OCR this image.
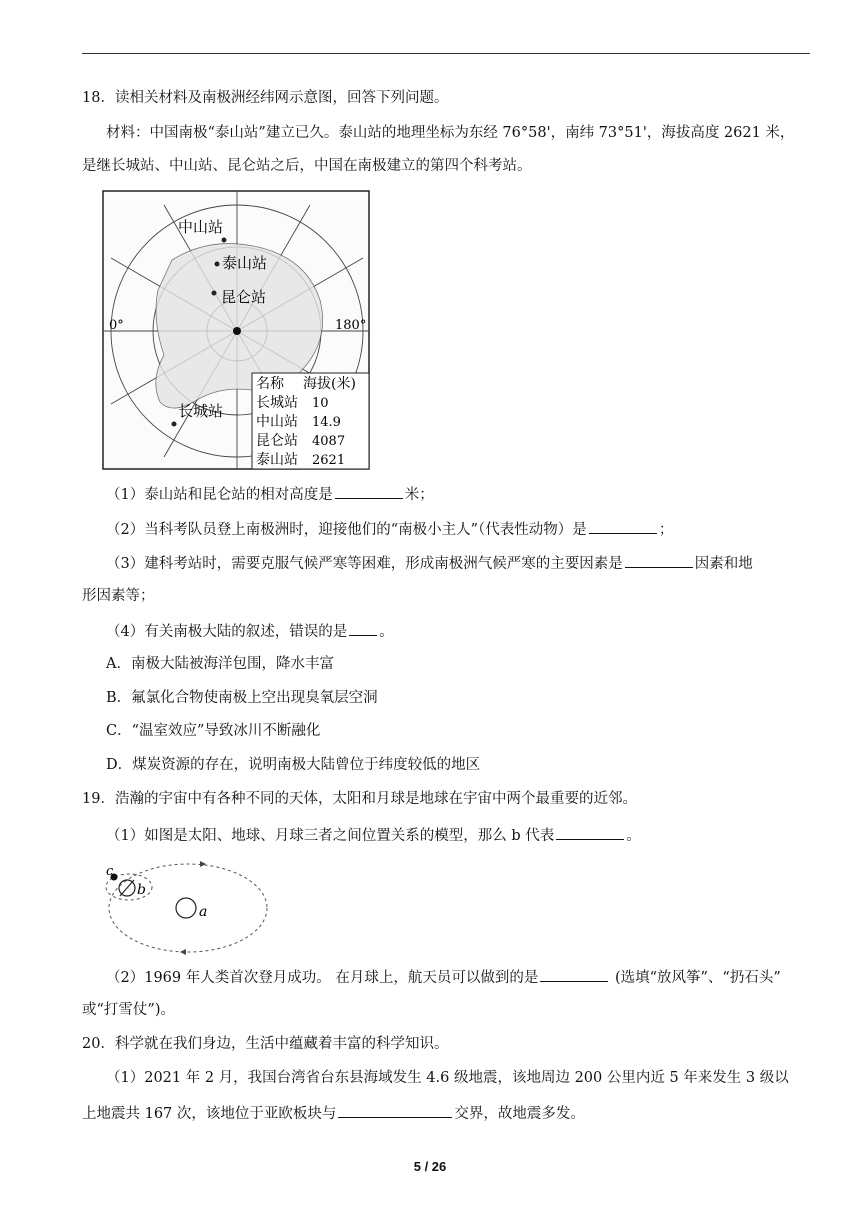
18．读相关材料及南极洲经纬网示意图，回答下列问题。
材料：中国南极“泰山站”建立已久。泰山站的地理坐标为东经 76°58'，南纬 73°51'，海拔高度 2621 米，
是继长城站、中山站、昆仑站之后，中国在南极建立的第四个科考站。
中山站
泰山站
昆仑站
长城站
0°	180°
名称 海拔(米)
长城站 10
中山站 14.9
昆仑站 4087
泰山站 2621
（1）泰山站和昆仑站的相对高度是	米；
（2）当科考队员登上南极洲时，迎接他们的“南极小主人”（代表性动物）是	；
（3）建科考站时，需要克服气候严寒等困难，形成南极洲气候严寒的主要因素是	因素和地
形因素等；
（4）有关南极大陆的叙述，错误的是 。
A．南极大陆被海洋包围，降水丰富
B．氟氯化合物使南极上空出现臭氧层空洞
C．“温室效应”导致冰川不断融化
D．煤炭资源的存在，说明南极大陆曾位于纬度较低的地区
19．浩瀚的宇宙中有各种不同的天体，太阳和月球是地球在宇宙中两个最重要的近邻。
（1）如图是太阳、地球、月球三者之间位置关系的模型，那么 b 代表	。
a
b
c
（2）1969 年人类首次登月成功。 在月球上，航天员可以做到的是	(选填“放风筝”、“扔石头”
或“打雪仗”)。
20．科学就在我们身边，生活中蕴藏着丰富的科学知识。
（1）2021 年 2 月，我国台湾省台东县海域发生 4.6 级地震，该地周边 200 公里内近 5 年来发生 3 级以
上地震共 167 次，该地位于亚欧板块与	交界，故地震多发。
5 / 26
